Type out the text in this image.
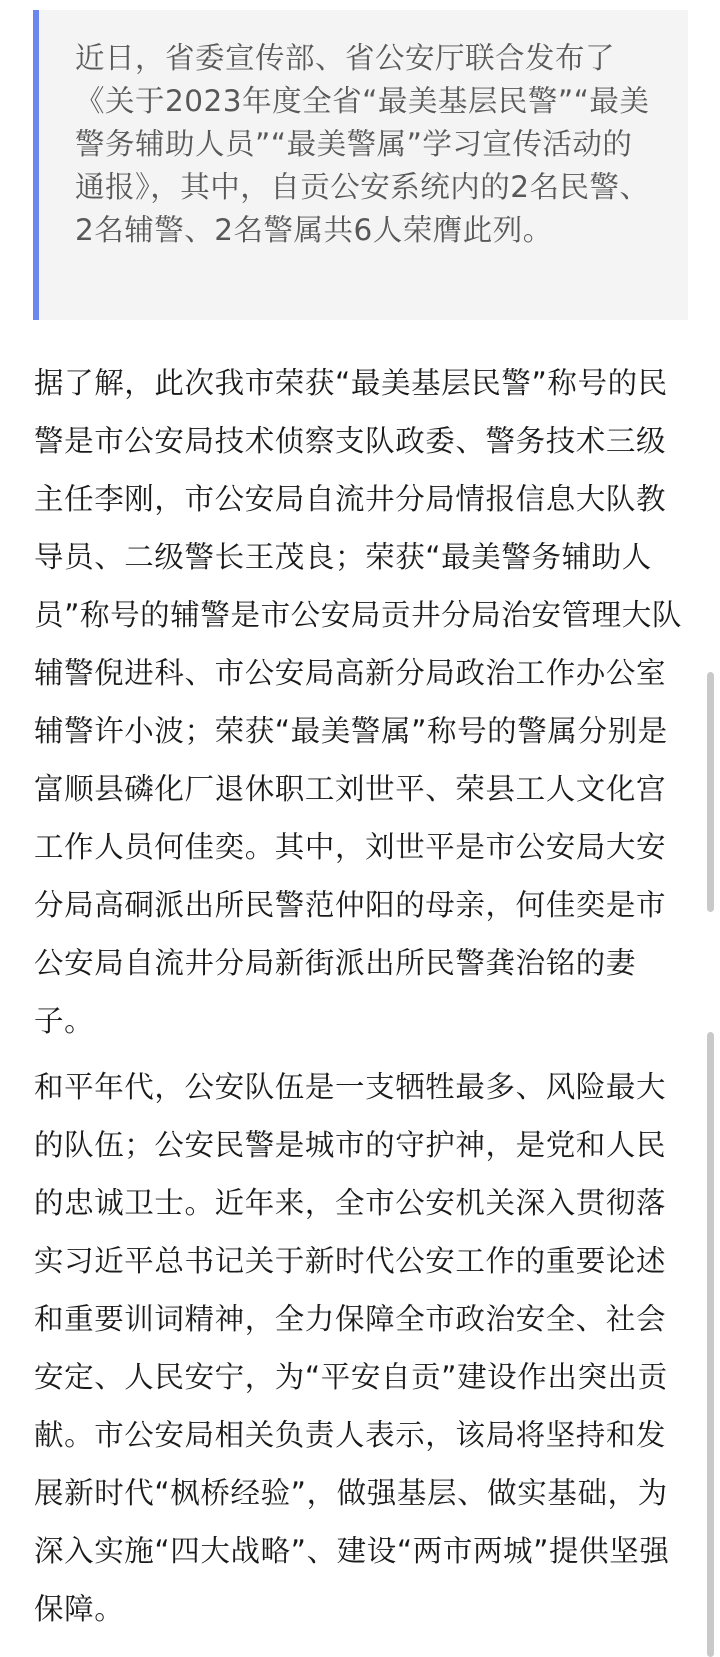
近日，省委宣传部、省公安厅联合发布了《关于2023年度全省“最美基层民警”“最美警务辅助人员”“最美警属”学习宣传活动的通报》，其中，自贡公安系统内的2名民警、2名辅警、2名警属共6人荣膺此列。

据了解，此次我市荣获“最美基层民警”称号的民警是市公安局技术侦察支队政委、警务技术三级主任李刚，市公安局自流井分局情报信息大队教导员、二级警长王茂良；荣获“最美警务辅助人员”称号的辅警是市公安局贡井分局治安管理大队辅警倪进科、市公安局高新分局政治工作办公室辅警许小波；荣获“最美警属”称号的警属分别是富顺县磷化厂退休职工刘世平、荣县工人文化宫工作人员何佳奕。其中，刘世平是市公安局大安分局高硐派出所民警范仲阳的母亲，何佳奕是市公安局自流井分局新街派出所民警龚治铭的妻子。

和平年代，公安队伍是一支牺牲最多、风险最大的队伍；公安民警是城市的守护神，是党和人民的忠诚卫士。近年来，全市公安机关深入贯彻落实习近平总书记关于新时代公安工作的重要论述和重要训词精神，全力保障全市政治安全、社会安定、人民安宁，为“平安自贡”建设作出突出贡献。市公安局相关负责人表示，该局将坚持和发展新时代“枫桥经验”，做强基层、做实基础，为深入实施“四大战略”、建设“两市两城”提供坚强保障。
